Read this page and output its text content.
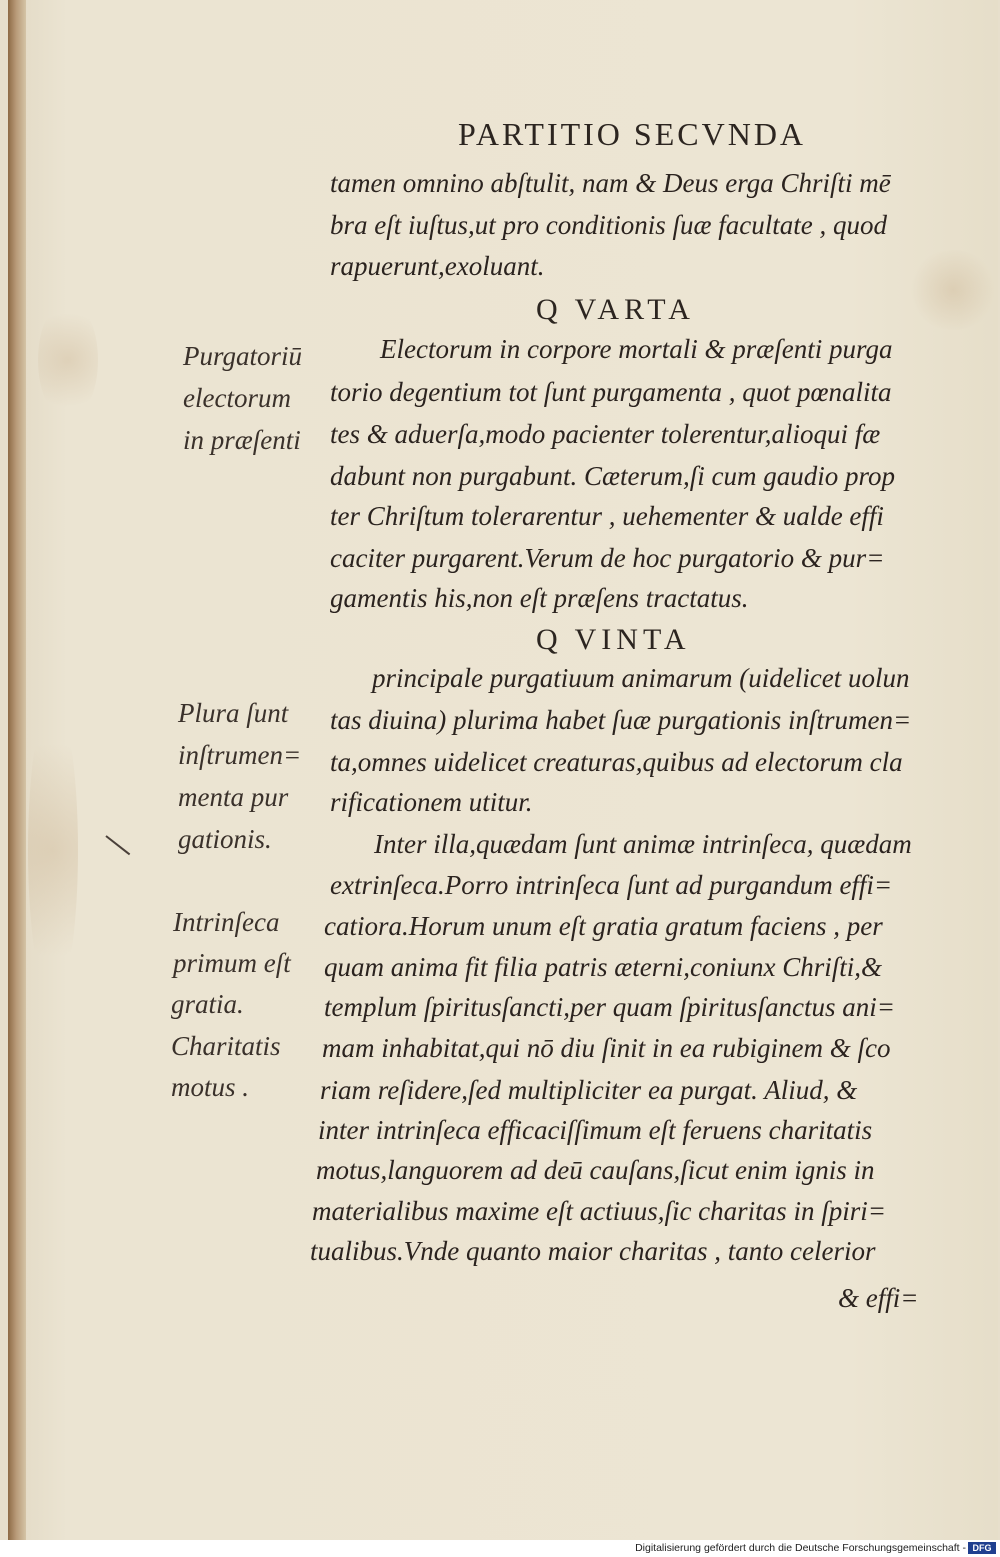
PARTITIO SECVNDA
tamen omnino abſtulit, nam & Deus erga Chriſti mē
bra eſt iuſtus,ut pro conditionis ſuæ facultate , quod
rapuerunt,exoluant.
Q VARTA
Electorum in corpore mortali & præſenti purga
torio degentium tot ſunt purgamenta , quot pœnalita
tes & aduerſa,modo pacienter tolerentur,alioqui fæ
dabunt non purgabunt. Cæterum,ſi cum gaudio prop
ter Chriſtum tolerarentur , uehementer & ualde effi
caciter purgarent.Verum de hoc purgatorio & pur=
gamentis his,non eſt præſens tractatus.
Purgatoriū
electorum
in præſenti
Q VINTA
principale purgatiuum animarum (uidelicet uolun
tas diuina) plurima habet ſuæ purgationis inſtrumen=
ta,omnes uidelicet creaturas,quibus ad electorum cla
rificationem utitur.
Inter illa,quædam ſunt animæ intrinſeca, quædam
extrinſeca.Porro intrinſeca ſunt ad purgandum effi=
catiora.Horum unum eſt gratia gratum faciens , per
quam anima fit filia patris æterni,coniunx Chriſti,&
templum ſpiritusſancti,per quam ſpiritusſanctus ani=
mam inhabitat,qui nō diu ſinit in ea rubiginem & ſco
riam reſidere,ſed multipliciter ea purgat. Aliud, &
inter intrinſeca efficaciſſimum eſt feruens charitatis
motus,languorem ad deū cauſans,ſicut enim ignis in
materialibus maxime eſt actiuus,ſic charitas in ſpiri=
tualibus.Vnde quanto maior charitas , tanto celerior
Plura ſunt
inſtrumen=
menta pur
gationis.
Intrinſeca
primum eſt
gratia.
Charitatis
motus .
& effi=
Digitalisierung gefördert durch die Deutsche Forschungsgemeinschaft - DFG
